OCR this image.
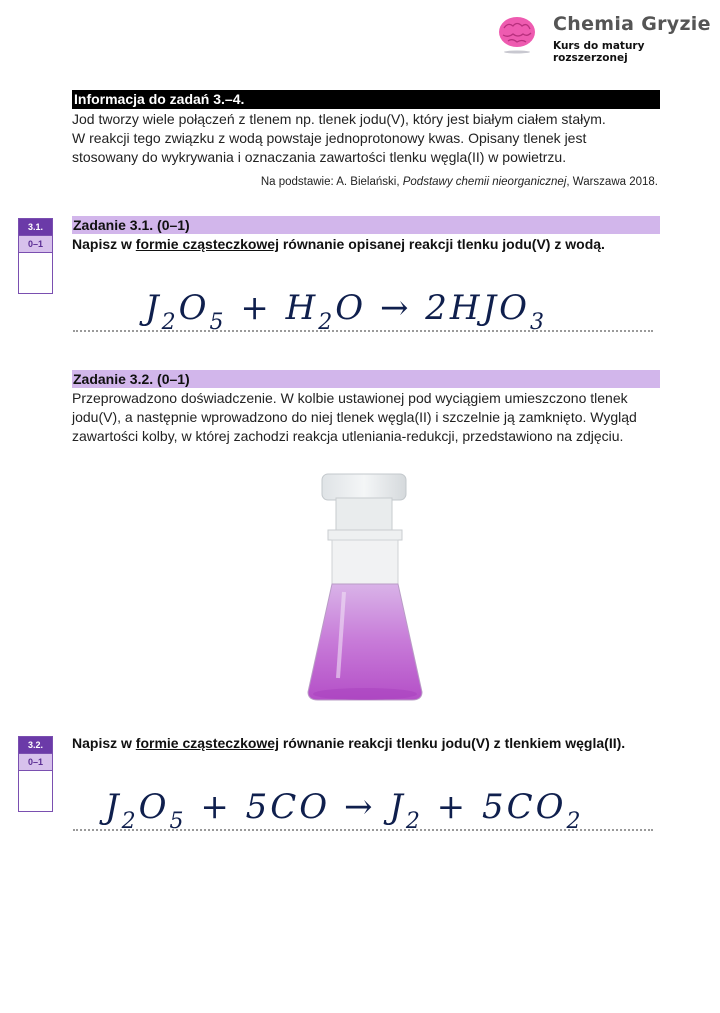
Chemia Gryzie
Kurs do matury rozszerzonej
Informacja do zadań 3.–4.

Jod tworzy wiele połączeń z tlenem np. tlenek jodu(V), który jest białym ciałem stałym.

W reakcji tego związku z wodą powstaje jednoprotonowy kwas. Opisany tlenek jest

stosowany do wykrywania i oznaczania zawartości tlenku węgla(II) w powietrzu.

Na podstawie: A. Bielański, Podstawy chemii nieorganicznej, Warszawa 2018.
3.1.
0–1
Zadanie 3.1. (0–1)
Napisz w formie cząsteczkowej równanie opisanej reakcji tlenku jodu(V) z wodą.
$J_2O_5 + H_2O \to 2HJO_3$
Zadanie 3.2. (0–1)

Przeprowadzono doświadczenie. W kolbie ustawionej pod wyciągiem umieszczono tlenek

jodu(V), a następnie wprowadzono do niej tlenek węgla(II) i szczelnie ją zamknięto. Wygląd

zawartości kolby, w której zachodzi reakcja utleniania-redukcji, przedstawiono na zdjęciu.

3.2.
0–1
Napisz w formie cząsteczkowej równanie reakcji tlenku jodu(V) z tlenkiem węgla(II).
$J_2O_5 + 5CO \to J_2 + 5CO_2$
